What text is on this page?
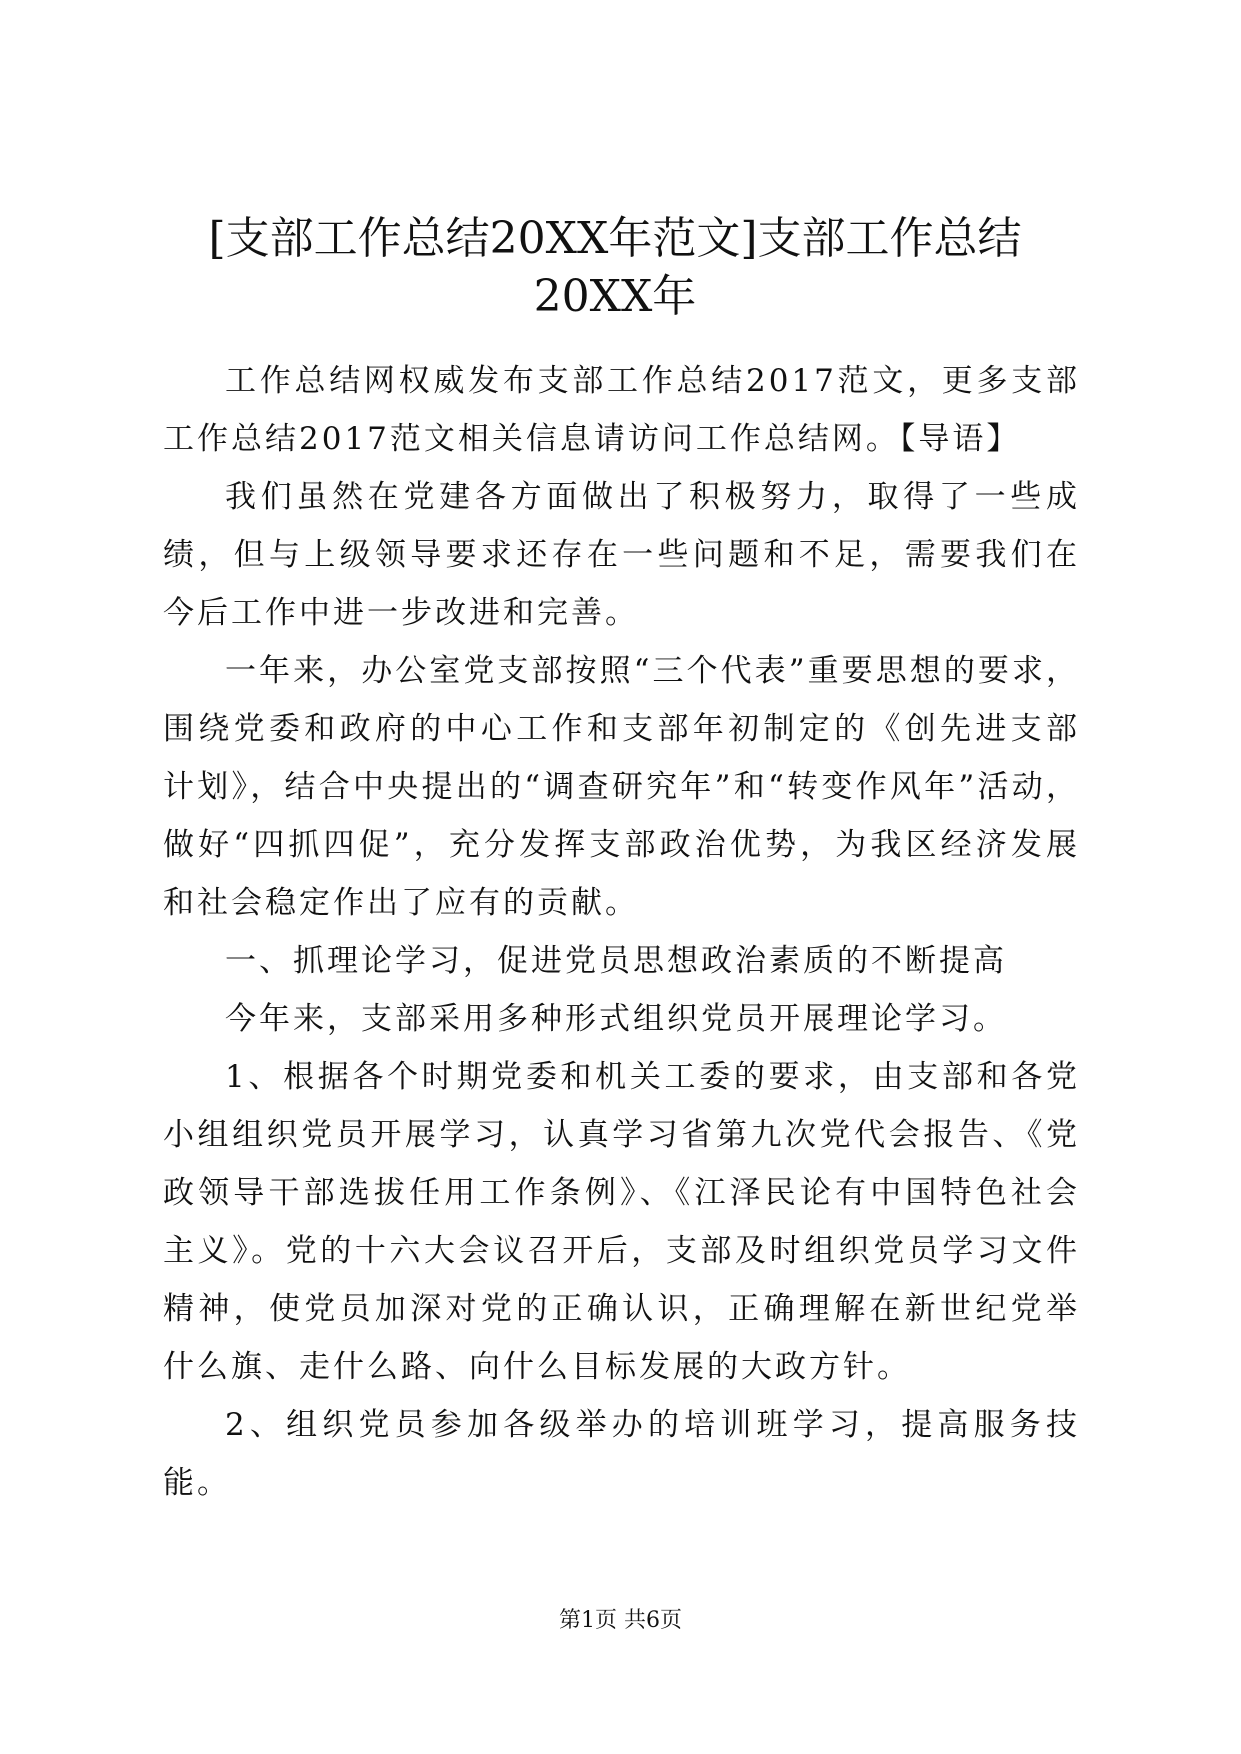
[支部工作总结20XX年范文]支部工作总结20XX年

工作总结网权威发布支部工作总结2017范文，更多支部工作总结2017范文相关信息请访问工作总结网。【导语】

我们虽然在党建各方面做出了积极努力，取得了一些成绩，但与上级领导要求还存在一些问题和不足，需要我们在今后工作中进一步改进和完善。

一年来，办公室党支部按照“三个代表”重要思想的要求，围绕党委和政府的中心工作和支部年初制定的《创先进支部计划》，结合中央提出的“调查研究年”和“转变作风年”活动，做好“四抓四促”，充分发挥支部政治优势，为我区经济发展和社会稳定作出了应有的贡献。

一、抓理论学习，促进党员思想政治素质的不断提高

今年来，支部采用多种形式组织党员开展理论学习。

1、根据各个时期党委和机关工委的要求，由支部和各党小组组织党员开展学习，认真学习省第九次党代会报告、《党政领导干部选拔任用工作条例》、《江泽民论有中国特色社会主义》。党的十六大会议召开后，支部及时组织党员学习文件精神，使党员加深对党的正确认识，正确理解在新世纪党举什么旗、走什么路、向什么目标发展的大政方针。

2、组织党员参加各级举办的培训班学习，提高服务技能。

第1页 共6页
